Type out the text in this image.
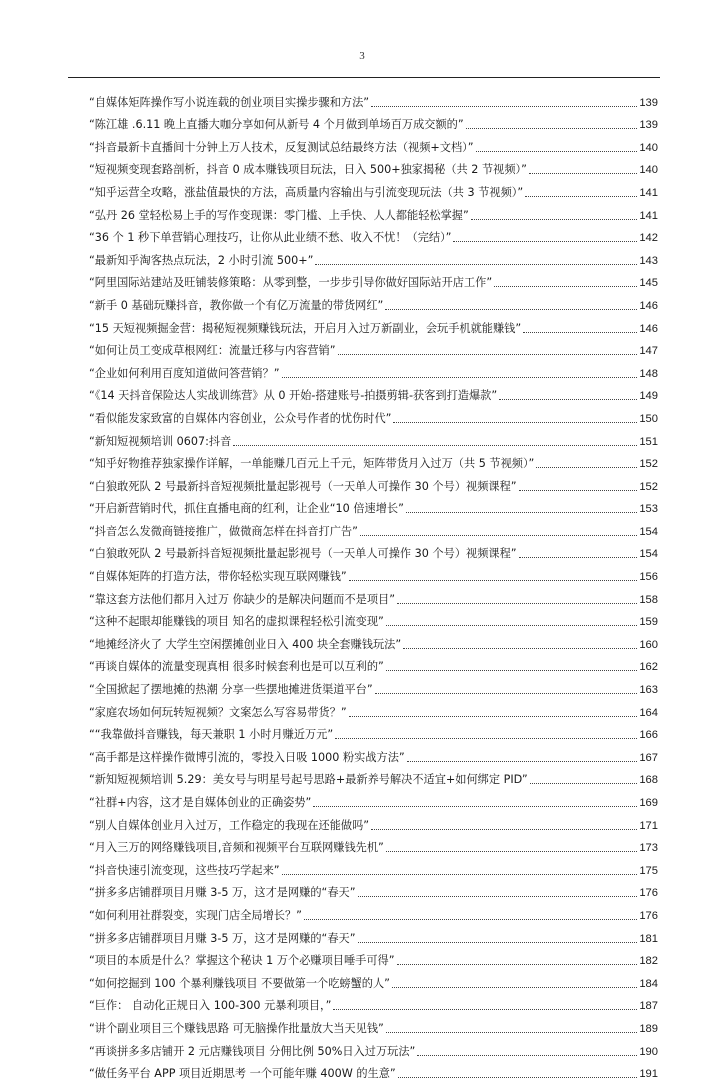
3
“自媒体矩阵操作写小说连载的创业项目实操步骤和方法”	139
“陈江雄 .6.11 晚上直播大咖分享如何从新号 4 个月做到单场百万成交额的”	139
“抖音最新卡直播间十分钟上万人技术，反复测试总结最终方法（视频+文档）”	140
“短视频变现套路剖析，抖音 0 成本赚钱项目玩法，日入 500+独家揭秘（共 2 节视频）”	140
“知乎运营全攻略，涨盐值最快的方法，高质量内容输出与引流变现玩法（共 3 节视频）”	141
“弘丹 26 堂轻松易上手的写作变现课：零门槛、上手快、人人都能轻松掌握”	141
“36 个 1 秒下单营销心理技巧，让你从此业绩不愁、收入不忧！（完结）”	142
“最新知乎淘客热点玩法，2 小时引流 500+”	143
“阿里国际站建站及旺铺装修策略：从零到整，一步步引导你做好国际站开店工作”	145
“新手 0 基础玩赚抖音，教你做一个有亿万流量的带货网红”	146
“15 天短视频掘金营：揭秘短视频赚钱玩法，开启月入过万新副业，会玩手机就能赚钱”	146
“如何让员工变成草根网红：流量迁移与内容营销”	147
“企业如何利用百度知道做问答营销？”	148
“《14 天抖音保险达人实战训练营》从 0 开始-搭建账号-拍摄剪辑-获客到打造爆款”	149
“看似能发家致富的自媒体内容创业，公众号作者的忧伤时代”	150
“新知短视频培训 0607:抖音	151
“知乎好物推荐独家操作详解，一单能赚几百元上千元，矩阵带货月入过万（共 5 节视频）”	152
“白狼敢死队 2 号最新抖音短视频批量起影视号（一天单人可操作 30 个号）视频课程”	152
“开启新营销时代，抓住直播电商的红利，让企业“10 倍速增长”	153
“抖音怎么发微商链接推广，做微商怎样在抖音打广告”	154
“白狼敢死队 2 号最新抖音短视频批量起影视号（一天单人可操作 30 个号）视频课程”	154
“自媒体矩阵的打造方法，带你轻松实现互联网赚钱”	156
“靠这套方法他们都月入过万 你缺少的是解决问题而不是项目”	158
“这种不起眼却能赚钱的项目 知名的虚拟课程轻松引流变现”	159
“地摊经济火了 大学生空闲摆摊创业日入 400 块全套赚钱玩法”	160
“再谈自媒体的流量变现真相 很多时候套利也是可以互利的”	162
“全国掀起了摆地摊的热潮 分享一些摆地摊进货渠道平台”	163
“家庭农场如何玩转短视频？文案怎么写容易带货？”	164
““我靠做抖音赚钱，每天兼职 1 小时月赚近万元”	166
“高手都是这样操作微博引流的，零投入日吸 1000 粉实战方法”	167
“新知短视频培训 5.29：美女号与明星号起号思路+最新养号解决不适宜+如何绑定 PID”	168
“社群+内容，这才是自媒体创业的正确姿势”	169
“别人自媒体创业月入过万，工作稳定的我现在还能做吗”	171
“月入三万的网络赚钱项目,音频和视频平台互联网赚钱先机”	173
“抖音快速引流变现，这些技巧学起来”	175
“拼多多店铺群项目月赚 3-5 万，这才是网赚的“春天”	176
“如何利用社群裂变，实现门店全局增长？”	176
“拼多多店铺群项目月赚 3-5 万，这才是网赚的“春天”	181
“项目的本质是什么？掌握这个秘诀 1 万个必赚项目唾手可得”	182
“如何挖掘到 100 个暴利赚钱项目 不要做第一个吃螃蟹的人”	184
“巨作： 自动化正规日入 100-300 元暴利项目，”	187
“讲个副业项目三个赚钱思路 可无脑操作批量放大当天见钱”	189
“再谈拼多多店铺开 2 元店赚钱项目 分佣比例 50%日入过万玩法”	190
“做任务平台 APP 项目近期思考 一个可能年赚 400W 的生意”	191
